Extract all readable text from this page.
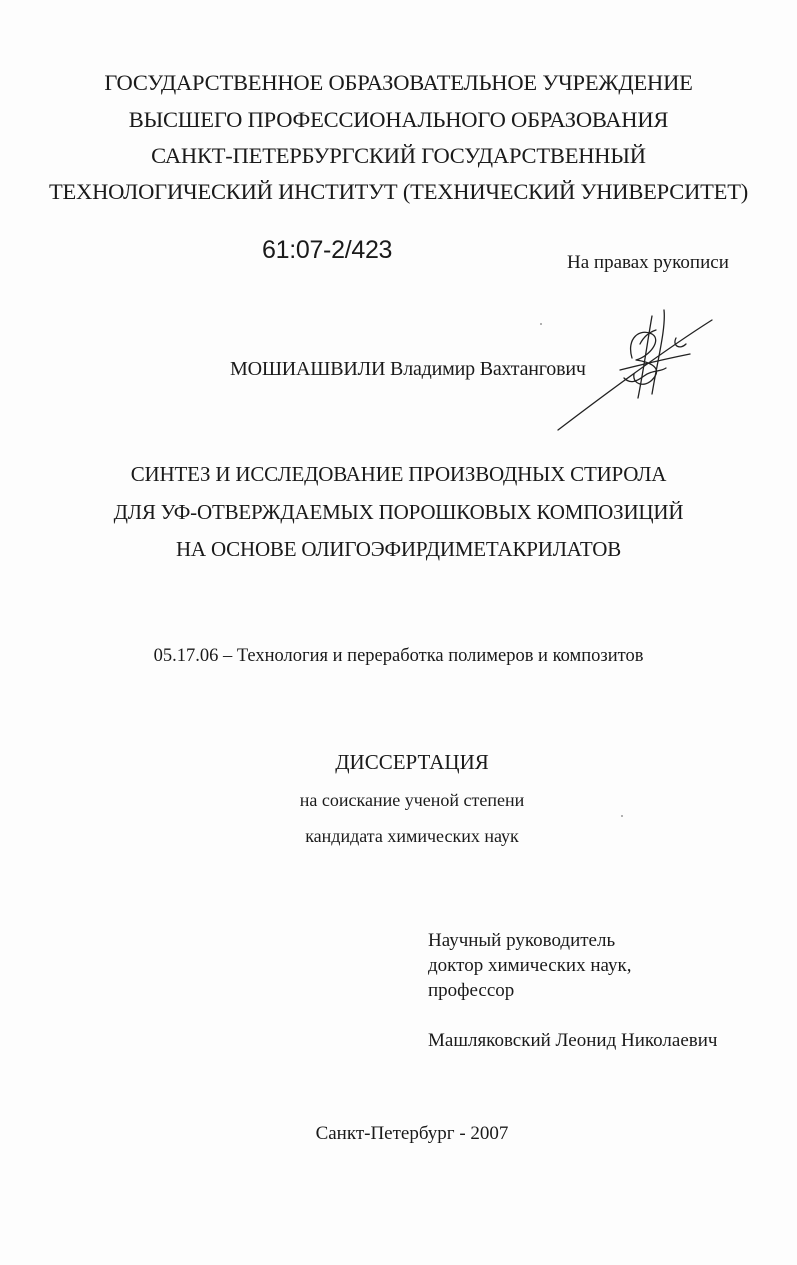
ГОСУДАРСТВЕННОЕ ОБРАЗОВАТЕЛЬНОЕ УЧРЕЖДЕНИЕ
ВЫСШЕГО ПРОФЕССИОНАЛЬНОГО ОБРАЗОВАНИЯ
САНКТ-ПЕТЕРБУРГСКИЙ ГОСУДАРСТВЕННЫЙ
ТЕХНОЛОГИЧЕСКИЙ ИНСТИТУТ (ТЕХНИЧЕСКИЙ УНИВЕРСИТЕТ)
61:07-2/423	На правах рукописи
МОШИАШВИЛИ Владимир Вахтангович
СИНТЕЗ И ИССЛЕДОВАНИЕ ПРОИЗВОДНЫХ СТИРОЛА
ДЛЯ УФ-ОТВЕРЖДАЕМЫХ ПОРОШКОВЫХ КОМПОЗИЦИЙ
НА ОСНОВЕ ОЛИГОЭФИРДИМЕТАКРИЛАТОВ
05.17.06 – Технология и переработка полимеров и композитов
ДИССЕРТАЦИЯ
на соискание ученой степени
кандидата химических наук
Научный руководитель
доктор химических наук,
профессор
Машляковский Леонид Николаевич
Санкт-Петербург - 2007
